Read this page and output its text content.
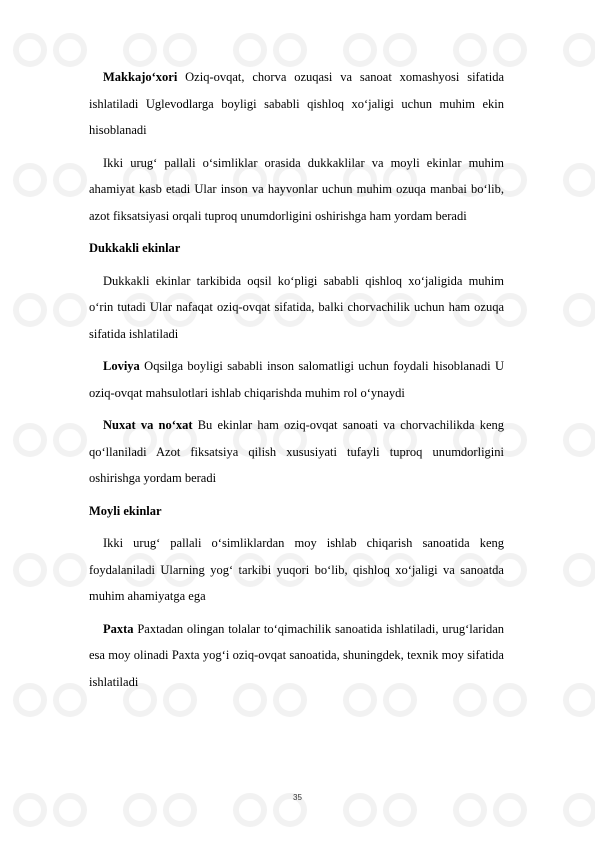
Makkajo‘xori Oziq-ovqat, chorva ozuqasi va sanoat xomashyosi sifatida ishlatiladi Uglevodlarga boyligi sababli qishloq xo‘jaligi uchun muhim ekin hisoblanadi

Ikki urug‘ pallali o‘simliklar orasida dukkaklilar va moyli ekinlar muhim ahamiyat kasb etadi Ular inson va hayvonlar uchun muhim ozuqa manbai bo‘lib, azot fiksatsiyasi orqali tuproq unumdorligini oshirishga ham yordam beradi

Dukkakli ekinlar

Dukkakli ekinlar tarkibida oqsil ko‘pligi sababli qishloq xo‘jaligida muhim o‘rin tutadi Ular nafaqat oziq-ovqat sifatida, balki chorvachilik uchun ham ozuqa sifatida ishlatiladi

Loviya Oqsilga boyligi sababli inson salomatligi uchun foydali hisoblanadi U oziq-ovqat mahsulotlari ishlab chiqarishda muhim rol o‘ynaydi

Nuxat va no‘xat Bu ekinlar ham oziq-ovqat sanoati va chorvachilikda keng qo‘llaniladi Azot fiksatsiya qilish xususiyati tufayli tuproq unumdorligini oshirishga yordam beradi

Moyli ekinlar

Ikki urug‘ pallali o‘simliklardan moy ishlab chiqarish sanoatida keng foydalaniladi Ularning yog‘ tarkibi yuqori bo‘lib, qishloq xo‘jaligi va sanoatda muhim ahamiyatga ega

Paxta Paxtadan olingan tolalar to‘qimachilik sanoatida ishlatiladi, urug‘laridan esa moy olinadi Paxta yog‘i oziq-ovqat sanoatida, shuningdek, texnik moy sifatida ishlatiladi

35
